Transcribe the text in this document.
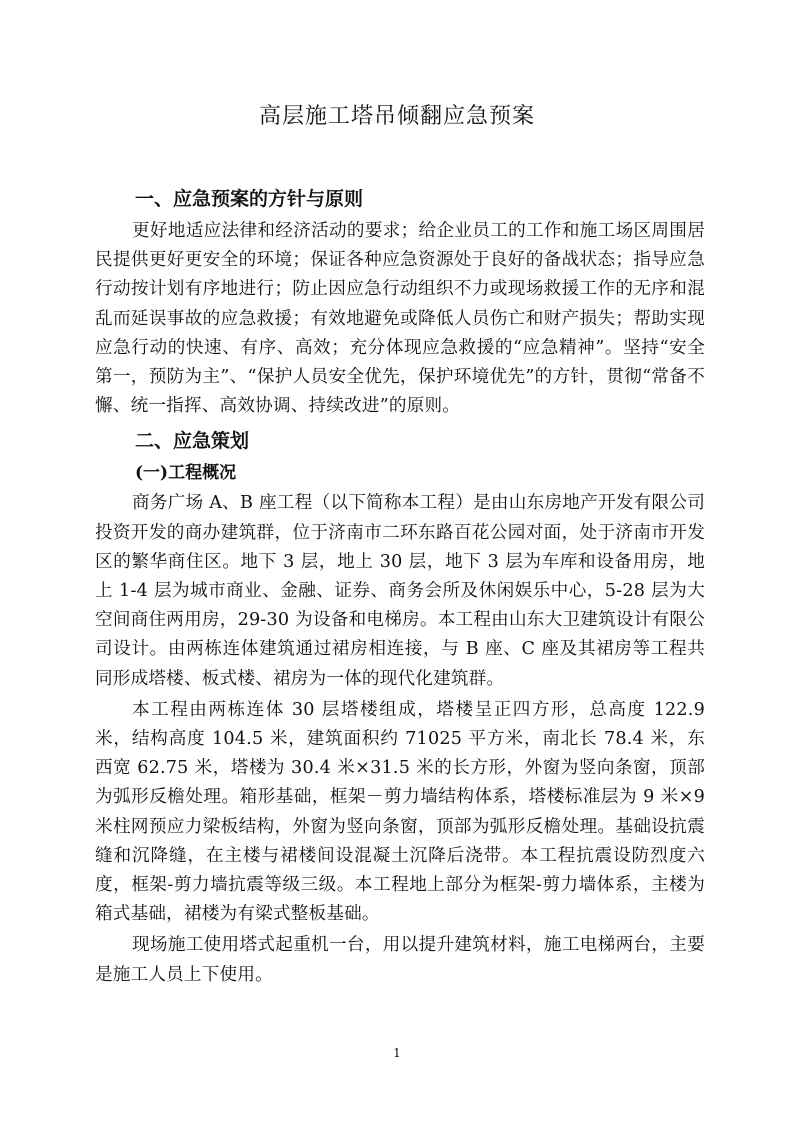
高层施工塔吊倾翻应急预案
一、应急预案的方针与原则

更好地适应法律和经济活动的要求；给企业员工的工作和施工场区周围居民提供更好更安全的环境；保证各种应急资源处于良好的备战状态；指导应急行动按计划有序地进行；防止因应急行动组织不力或现场救援工作的无序和混乱而延误事故的应急救援；有效地避免或降低人员伤亡和财产损失；帮助实现应急行动的快速、有序、高效；充分体现应急救援的“应急精神”。坚持“安全第一，预防为主”、“保护人员安全优先，保护环境优先”的方针，贯彻“常备不懈、统一指挥、高效协调、持续改进”的原则。

二、应急策划
(一)工程概况

商务广场 A、B 座工程（以下简称本工程）是由山东房地产开发有限公司投资开发的商办建筑群，位于济南市二环东路百花公园对面，处于济南市开发区的繁华商住区。地下 3 层，地上 30 层，地下 3 层为车库和设备用房，地上 1-4 层为城市商业、金融、证券、商务会所及休闲娱乐中心，5-28 层为大空间商住两用房，29-30 为设备和电梯房。本工程由山东大卫建筑设计有限公司设计。由两栋连体建筑通过裙房相连接，与 B 座、C 座及其裙房等工程共同形成塔楼、板式楼、裙房为一体的现代化建筑群。

本工程由两栋连体 30 层塔楼组成，塔楼呈正四方形，总高度 122.9 米，结构高度 104.5 米，建筑面积约 71025 平方米，南北长 78.4 米，东西宽 62.75 米，塔楼为 30.4 米×31.5 米的长方形，外窗为竖向条窗，顶部为弧形反檐处理。箱形基础，框架－剪力墙结构体系，塔楼标准层为 9 米×9 米柱网预应力梁板结构，外窗为竖向条窗，顶部为弧形反檐处理。基础设抗震缝和沉降缝，在主楼与裙楼间设混凝土沉降后浇带。本工程抗震设防烈度六度，框架-剪力墙抗震等级三级。本工程地上部分为框架-剪力墙体系，主楼为箱式基础，裙楼为有梁式整板基础。

现场施工使用塔式起重机一台，用以提升建筑材料，施工电梯两台，主要是施工人员上下使用。

1
